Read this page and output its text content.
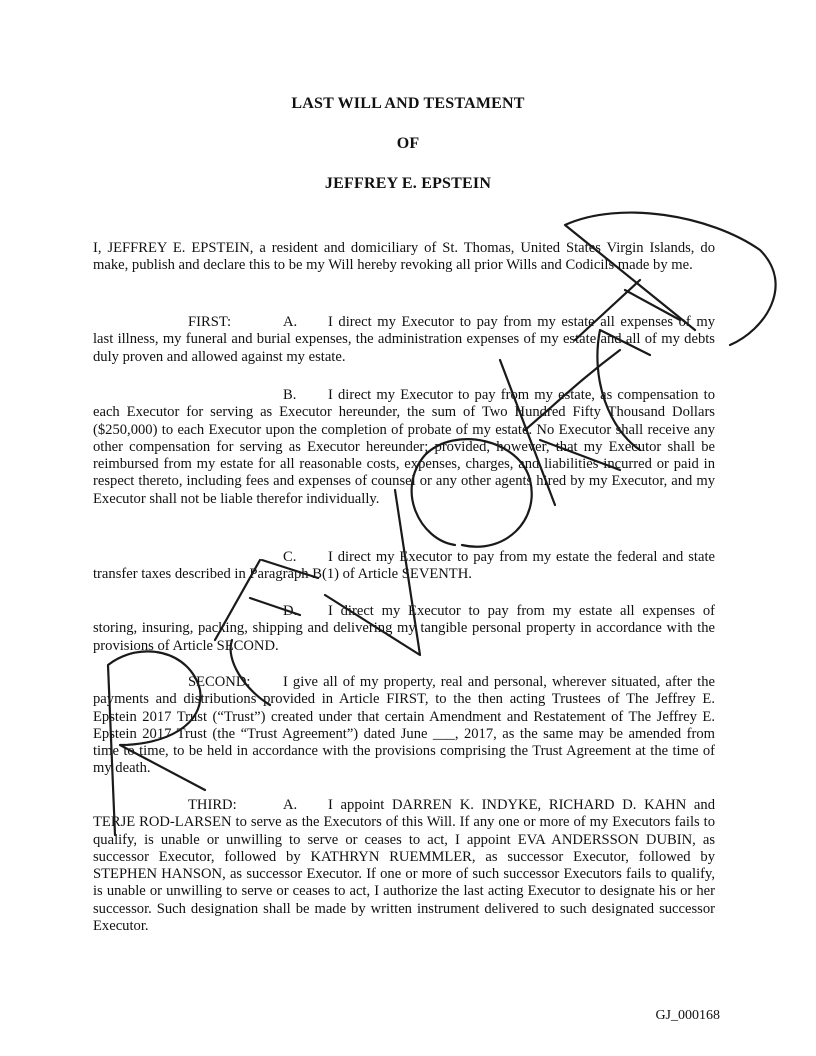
LAST WILL AND TESTAMENT
OF
JEFFREY E. EPSTEIN

I, JEFFREY E. EPSTEIN, a resident and domiciliary of St. Thomas, United States Virgin Islands, do make, publish and declare this to be my Will hereby revoking all prior Wills and Codicils made by me.

FIRST:	A. I direct my Executor to pay from my estate all expenses of my last illness, my funeral and burial expenses, the administration expenses of my estate and all of my debts duly proven and allowed against my estate.

B. I direct my Executor to pay from my estate, as compensation to each Executor for serving as Executor hereunder, the sum of Two Hundred Fifty Thousand Dollars ($250,000) to each Executor upon the completion of probate of my estate. No Executor shall receive any other compensation for serving as Executor hereunder; provided, however, that my Executor shall be reimbursed from my estate for all reasonable costs, expenses, charges, and liabilities incurred or paid in respect thereto, including fees and expenses of counsel or any other agents hired by my Executor, and my Executor shall not be liable therefor individually.

C. I direct my Executor to pay from my estate the federal and state transfer taxes described in Paragraph B(1) of Article SEVENTH.

D. I direct my Executor to pay from my estate all expenses of storing, insuring, packing, shipping and delivering my tangible personal property in accordance with the provisions of Article SECOND.

SECOND: I give all of my property, real and personal, wherever situated, after the payments and distributions provided in Article FIRST, to the then acting Trustees of The Jeffrey E. Epstein 2017 Trust (“Trust”) created under that certain Amendment and Restatement of The Jeffrey E. Epstein 2017 Trust (the “Trust Agreement”) dated June ___, 2017, as the same may be amended from time to time, to be held in accordance with the provisions comprising the Trust Agreement at the time of my death.

THIRD:	A. I appoint DARREN K. INDYKE, RICHARD D. KAHN and TERJE ROD-LARSEN to serve as the Executors of this Will. If any one or more of my Executors fails to qualify, is unable or unwilling to serve or ceases to act, I appoint EVA ANDERSSON DUBIN, as successor Executor, followed by KATHRYN RUEMMLER, as successor Executor, followed by STEPHEN HANSON, as successor Executor. If one or more of such successor Executors fails to qualify, is unable or unwilling to serve or ceases to act, I authorize the last acting Executor to designate his or her successor. Such designation shall be made by written instrument delivered to such designated successor Executor.

GJ_000168
